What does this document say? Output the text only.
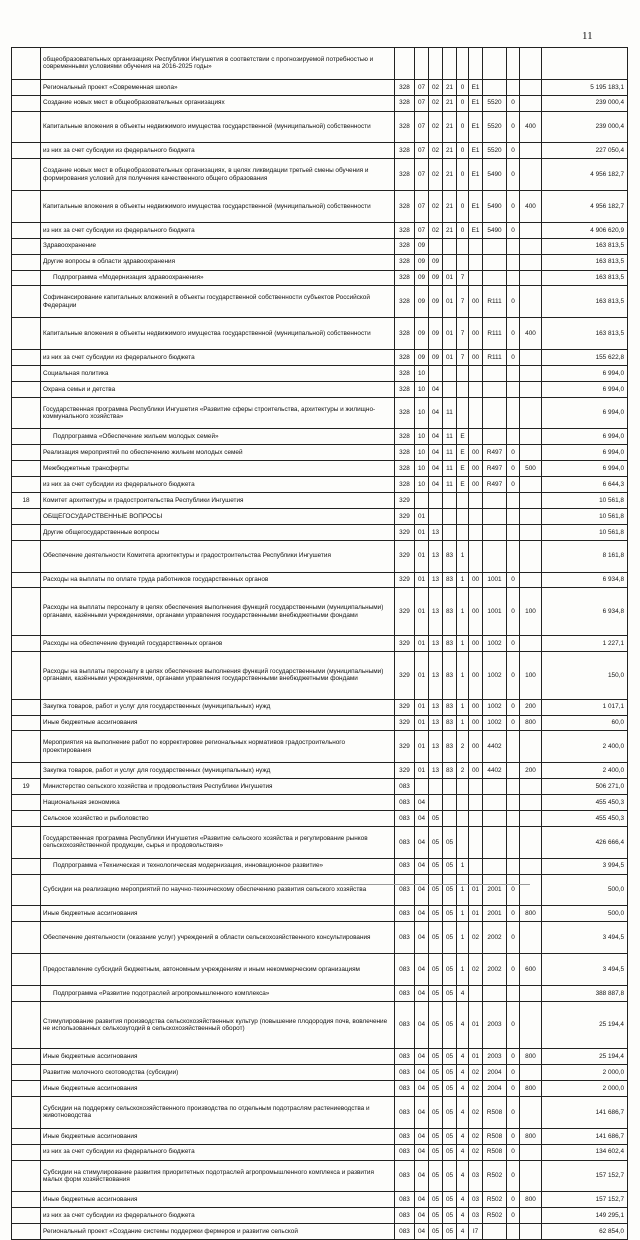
11
	общеобразовательных организациях Республики Ингушетия в соответствии с прогнозируемой потребностью и современными условиями обучения на 2016-2025 годы»										
	Региональный проект «Современная школа»	328	07	02	21	0	E1				5 195 183,1
	Создание новых мест в общеобразовательных организациях	328	07	02	21	0	E1	5520	0		239 000,4
	Капитальные вложения в объекты недвижимого имущества государственной (муниципальной) собственности	328	07	02	21	0	E1	5520	0	400	239 000,4
	из них за счет субсидии из федерального бюджета	328	07	02	21	0	E1	5520	0		227 050,4
	Создание новых мест в общеобразовательных организациях, в целях ликвидации третьей смены обучения и формирования условий для получения качественного общего образования	328	07	02	21	0	E1	5490	0		4 956 182,7
	Капитальные вложения в объекты недвижимого имущества государственной (муниципальной) собственности	328	07	02	21	0	E1	5490	0	400	4 956 182,7
	из них за счет субсидии из федерального бюджета	328	07	02	21	0	E1	5490	0		4 906 620,9
	Здравоохранение	328	09								163 813,5
	Другие вопросы в области здравоохранения	328	09	09							163 813,5
	Подпрограмма «Модернизация здравоохранения»	328	09	09	01	7					163 813,5
	Софинансирование капитальных вложений в объекты государственной собственности субъектов Российской Федерации	328	09	09	01	7	00	R111	0		163 813,5
	Капитальные вложения в объекты недвижимого имущества государственной (муниципальной) собственности	328	09	09	01	7	00	R111	0	400	163 813,5
	из них за счет субсидии из федерального бюджета	328	09	09	01	7	00	R111	0		155 622,8
	Социальная политика	328	10								6 994,0
	Охрана семьи и детства	328	10	04							6 994,0
	Государственная программа Республики Ингушетия «Развитие сферы строительства, архитектуры и жилищно-коммунального хозяйства»	328	10	04	11						6 994,0
	Подпрограмма «Обеспечение жильем молодых семей»	328	10	04	11	E					6 994,0
	Реализация мероприятий по обеспечению жильем молодых семей	328	10	04	11	E	00	R497	0		6 994,0
	Межбюджетные трансферты	328	10	04	11	E	00	R497	0	500	6 994,0
	из них за счет субсидии из федерального бюджета	328	10	04	11	E	00	R497	0		6 644,3
18	Комитет архитектуры и градостроительства Республики Ингушетия	329									10 561,8
	ОБЩЕГОСУДАРСТВЕННЫЕ ВОПРОСЫ	329	01								10 561,8
	Другие общегосударственные вопросы	329	01	13							10 561,8
	Обеспечение деятельности Комитета архитектуры и градостроительства Республики Ингушетия	329	01	13	83	1					8 161,8
	Расходы на выплаты по оплате труда работников государственных органов	329	01	13	83	1	00	1001	0		6 934,8
	Расходы на выплаты персоналу в целях обеспечения выполнения функций государственными (муниципальными) органами, казёнными учреждениями, органами управления государственными внебюджетными фондами	329	01	13	83	1	00	1001	0	100	6 934,8
	Расходы на обеспечение функций государственных органов	329	01	13	83	1	00	1002	0		1 227,1
	Расходы на выплаты персоналу в целях обеспечения выполнения функций государственными (муниципальными) органами, казёнными учреждениями, органами управления государственными внебюджетными фондами	329	01	13	83	1	00	1002	0	100	150,0
	Закупка товаров, работ и услуг для государственных (муниципальных) нужд	329	01	13	83	1	00	1002	0	200	1 017,1
	Иные бюджетные ассигнования	329	01	13	83	1	00	1002	0	800	60,0
	Мероприятия на выполнение работ по корректировке региональных нормативов градостроительного проектирования	329	01	13	83	2	00	4402			2 400,0
	Закупка товаров, работ и услуг для государственных (муниципальных) нужд	329	01	13	83	2	00	4402		200	2 400,0
19	Министерство сельского хозяйства и продовольствия Республики Ингушетия	083									506 271,0
	Национальная экономика	083	04								455 450,3
	Сельское хозяйство и рыболовство	083	04	05							455 450,3
	Государственная программа Республики Ингушетия «Развитие сельского хозяйства и регулирование рынков сельскохозяйственной продукции, сырья и продовольствия»	083	04	05	05						426 666,4
	Подпрограмма «Техническая и технологическая модернизация, инновационное развитие»	083	04	05	05	1					3 994,5
	Субсидии на реализацию мероприятий по научно-техническому обеспечению развития сельского хозяйства	083	04	05	05	1	01	2001	0		500,0
	Иные бюджетные ассигнования	083	04	05	05	1	01	2001	0	800	500,0
	Обеспечение деятельности (оказание услуг) учреждений в области сельскохозяйственного консультирования	083	04	05	05	1	02	2002	0		3 494,5
	Предоставление субсидий бюджетным, автономным учреждениям и иным некоммерческим организациям	083	04	05	05	1	02	2002	0	600	3 494,5
	Подпрограмма «Развитие подотраслей агропромышленного комплекса»	083	04	05	05	4					388 887,8
	Стимулирование развития производства сельскохозяйственных культур (повышение плодородия почв, вовлечение не использованных сельхозугодий в сельскохозяйственный оборот)	083	04	05	05	4	01	2003	0		25 194,4
	Иные бюджетные ассигнования	083	04	05	05	4	01	2003	0	800	25 194,4
	Развитие молочного скотоводства (субсидии)	083	04	05	05	4	02	2004	0		2 000,0
	Иные бюджетные ассигнования	083	04	05	05	4	02	2004	0	800	2 000,0
	Субсидии на поддержку сельскохозяйственного производства по отдельным подотраслям растениеводства и животноводства	083	04	05	05	4	02	R508	0		141 686,7
	Иные бюджетные ассигнования	083	04	05	05	4	02	R508	0	800	141 686,7
	из них за счет субсидии из федерального бюджета	083	04	05	05	4	02	R508	0		134 602,4
	Субсидии на стимулирование развития приоритетных подотраслей агропромышленного комплекса и развития малых форм хозяйствования	083	04	05	05	4	03	R502	0		157 152,7
	Иные бюджетные ассигнования	083	04	05	05	4	03	R502	0	800	157 152,7
	из них за счет субсидии из федерального бюджета	083	04	05	05	4	03	R502	0		149 295,1
	Региональный проект «Создание системы поддержки фермеров и развитие сельской	083	04	05	05	4	I7				62 854,0
